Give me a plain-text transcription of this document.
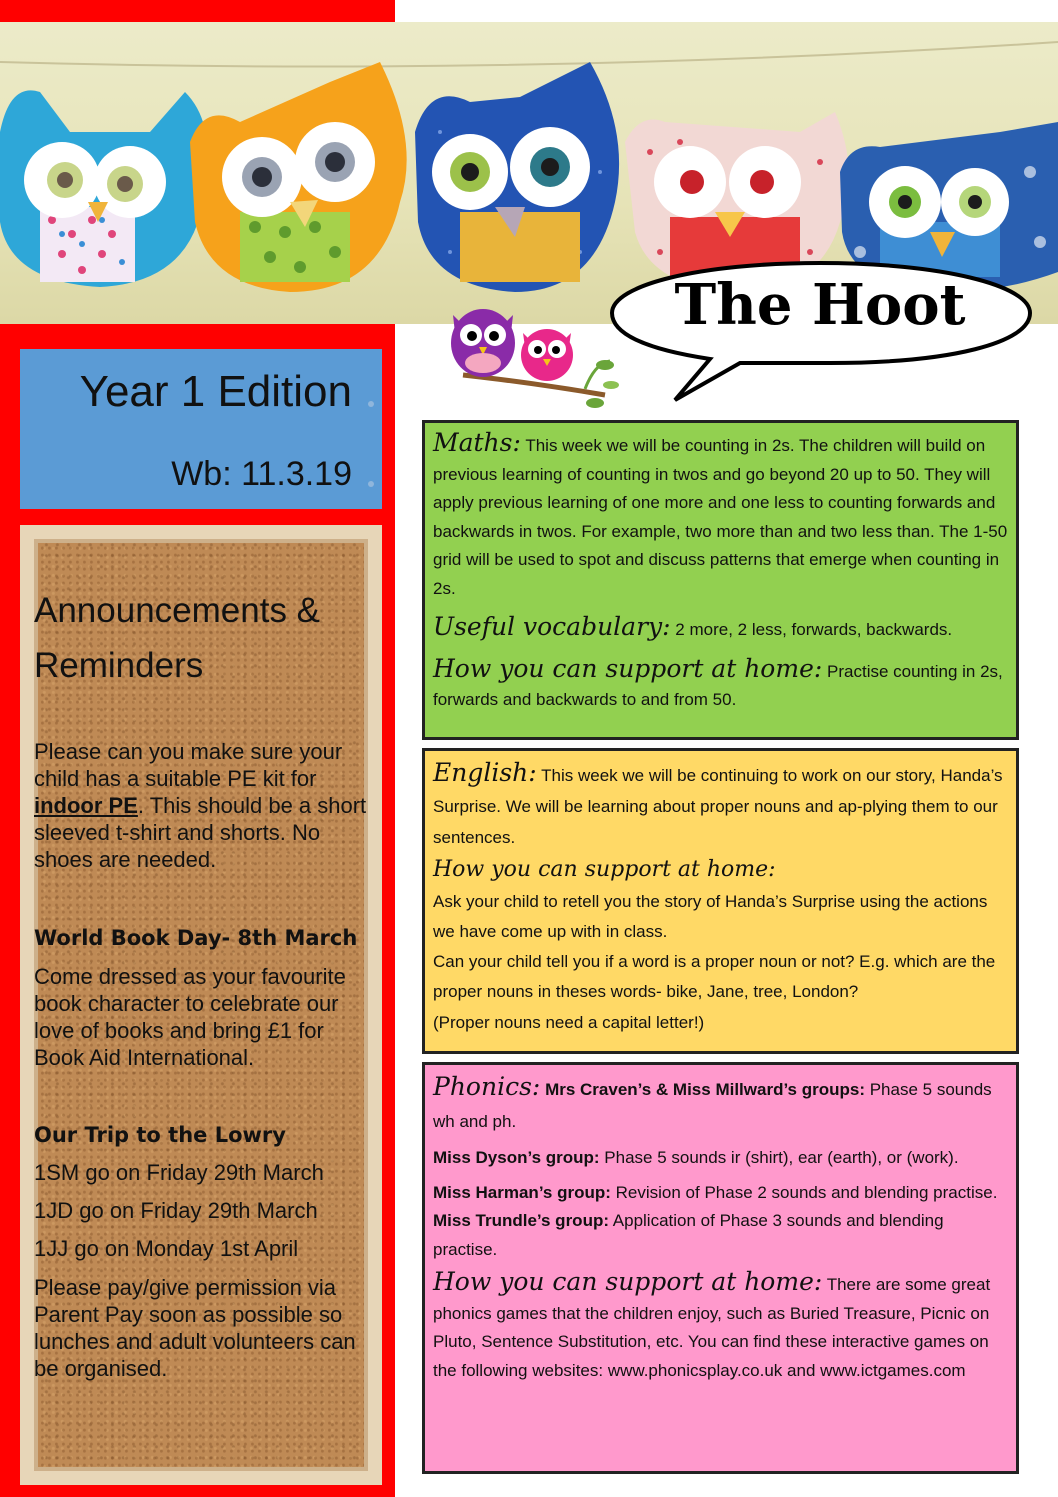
The Hoot
Year 1 Edition
Wb: 11.3.19
Announcements & Reminders

Please can you make sure your child has a suitable PE kit for indoor PE. This should be a short sleeved t-shirt and shorts. No shoes are needed.

World Book Day- 8th March

Come dressed as your favourite book character to celebrate our love of books and bring £1 for Book Aid International.

Our Trip to the Lowry

1SM go on Friday 29th March

1JD go on Friday 29th March

1JJ go on Monday 1st April

Please pay/give permission via Parent Pay soon as possible so lunches and adult volunteers can be organised.

Maths: This week we will be counting in 2s. The children will build on previous learning of counting in twos and go beyond 20 up to 50. They will apply previous learning of one more and one less to counting forwards and backwards in twos. For example, two more than and two less than. The 1-50 grid will be used to spot and discuss patterns that emerge when counting in 2s.

Useful vocabulary: 2 more, 2 less, forwards, backwards.

How you can support at home: Practise counting in 2s, forwards and backwards to and from 50.

English: This week we will be continuing to work on our story, Handa’s Surprise. We will be learning about proper nouns and ap-plying them to our sentences.

How you can support at home:

Ask your child to retell you the story of Handa’s Surprise using the actions we have come up with in class.

Can your child tell you if a word is a proper noun or not? E.g. which are the proper nouns in theses words- bike, Jane, tree, London?

(Proper nouns need a capital letter!)

Phonics: Mrs Craven’s & Miss Millward’s groups: Phase 5 sounds wh and ph.

Miss Dyson’s group: Phase 5 sounds ir (shirt), ear (earth), or (work).

Miss Harman’s group: Revision of Phase 2 sounds and blending practise.

Miss Trundle’s group: Application of Phase 3 sounds and blending practise.

How you can support at home: There are some great phonics games that the children enjoy, such as Buried Treasure, Picnic on Pluto, Sentence Substitution, etc. You can find these interactive games on the following websites: www.phonicsplay.co.uk and www.ictgames.com
